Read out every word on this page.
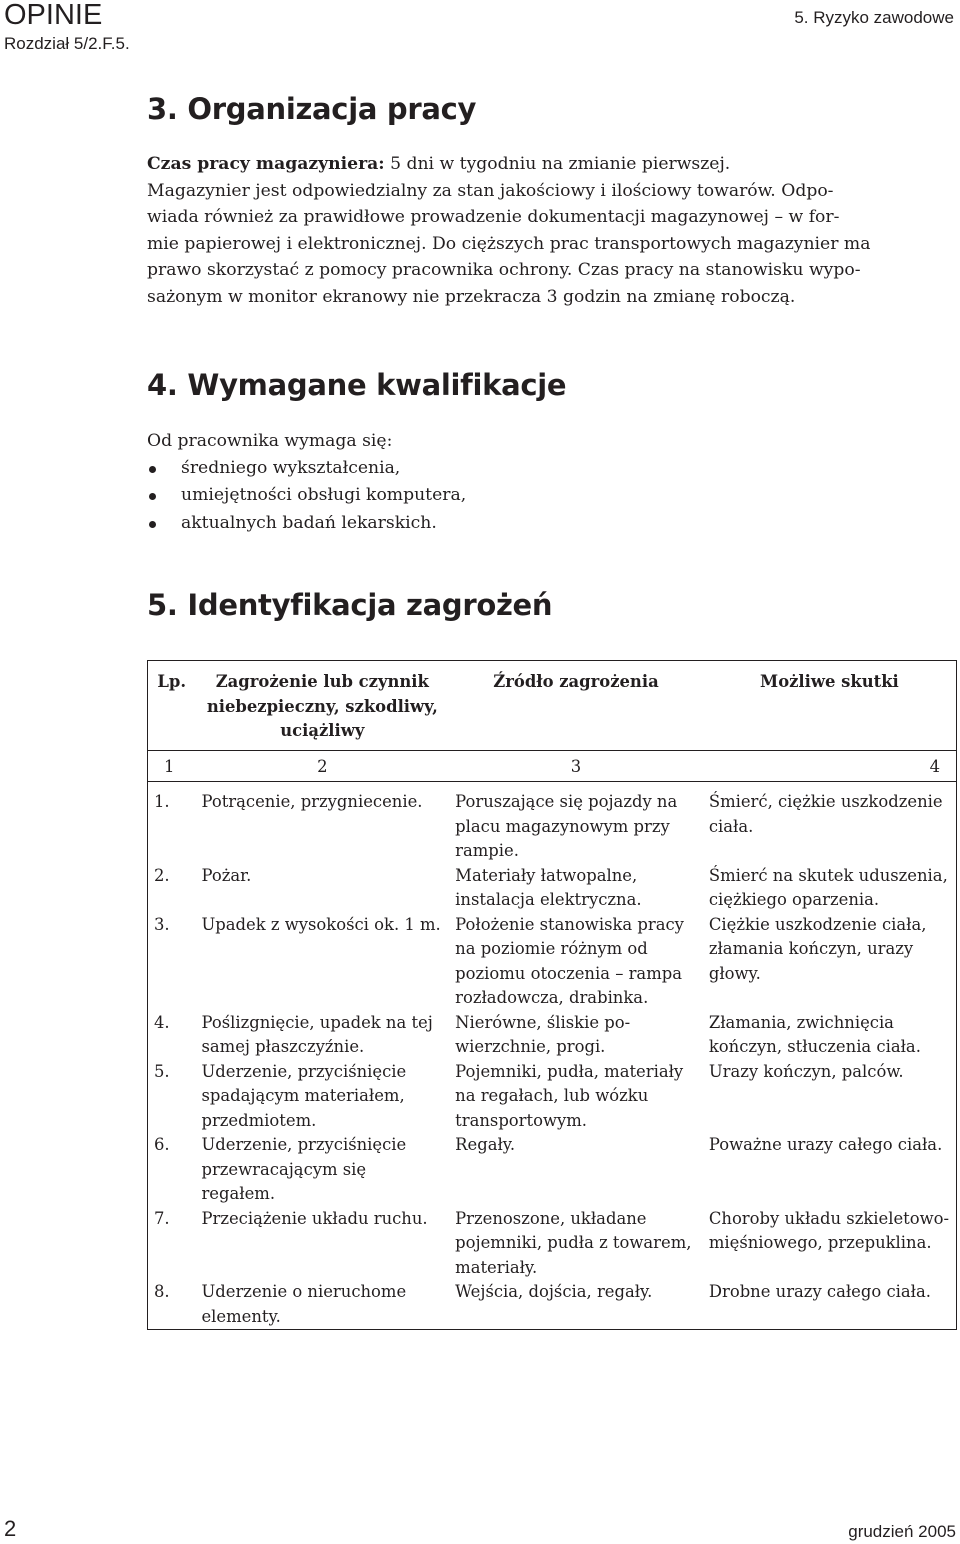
OPINIE
Rozdział 5/2.F.5.
5. Ryzyko zawodowe
3. Organizacja pracy

Czas pracy magazyniera: 5 dni w tygodniu na zmianie pierwszej.
Magazynier jest odpowiedzialny za stan jakościowy i ilościowy towarów. Odpo-
wiada również za prawidłowe prowadzenie dokumentacji magazynowej – w for-
mie papierowej i elektronicznej. Do cięższych prac transportowych magazynier ma
prawo skorzystać z pomocy pracownika ochrony. Czas pracy na stanowisku wypo-
sażonym w monitor ekranowy nie przekracza 3 godzin na zmianę roboczą.

4. Wymagane kwalifikacje

Od pracownika wymaga się:

średniego wykształcenia,
umiejętności obsługi komputera,
aktualnych badań lekarskich.
5. Identyfikacja zagrożeń
Lp.	Zagrożenie lub czynnik niebezpieczny, szkodliwy, uciążliwy	Źródło zagrożenia	Możliwe skutki
1	2	3	4
1.	Potrącenie, przygniecenie.	Poruszające się pojazdy na placu magazynowym przy rampie.	Śmierć, ciężkie uszkodzenie ciała.
2.	Pożar.	Materiały łatwopalne, instalacja elektryczna.	Śmierć na skutek uduszenia, ciężkiego oparzenia.
3.	Upadek z wysokości ok. 1 m.	Położenie stanowiska pracy na poziomie różnym od poziomu otoczenia – rampa rozładowcza, drabinka.	Ciężkie uszkodzenie ciała, złamania kończyn, urazy głowy.
4.	Poślizgnięcie, upadek na tej samej płaszczyźnie.	Nierówne, śliskie powierzchnie, progi.	Złamania, zwichnięcia kończyn, stłuczenia ciała.
5.	Uderzenie, przyciśnięcie spadającym materiałem, przedmiotem.	Pojemniki, pudła, materiały na regałach, lub wózku transportowym.	Urazy kończyn, palców.
6.	Uderzenie, przyciśnięcie przewracającym się regałem.	Regały.	Poważne urazy całego ciała.
7.	Przeciążenie układu ruchu.	Przenoszone, układane pojemniki, pudła z towarem, materiały.	Choroby układu szkieletowo-mięśniowego, przepuklina.
8.	Uderzenie o nieruchome elementy.	Wejścia, dojścia, regały.	Drobne urazy całego ciała.
2	grudzień 2005
